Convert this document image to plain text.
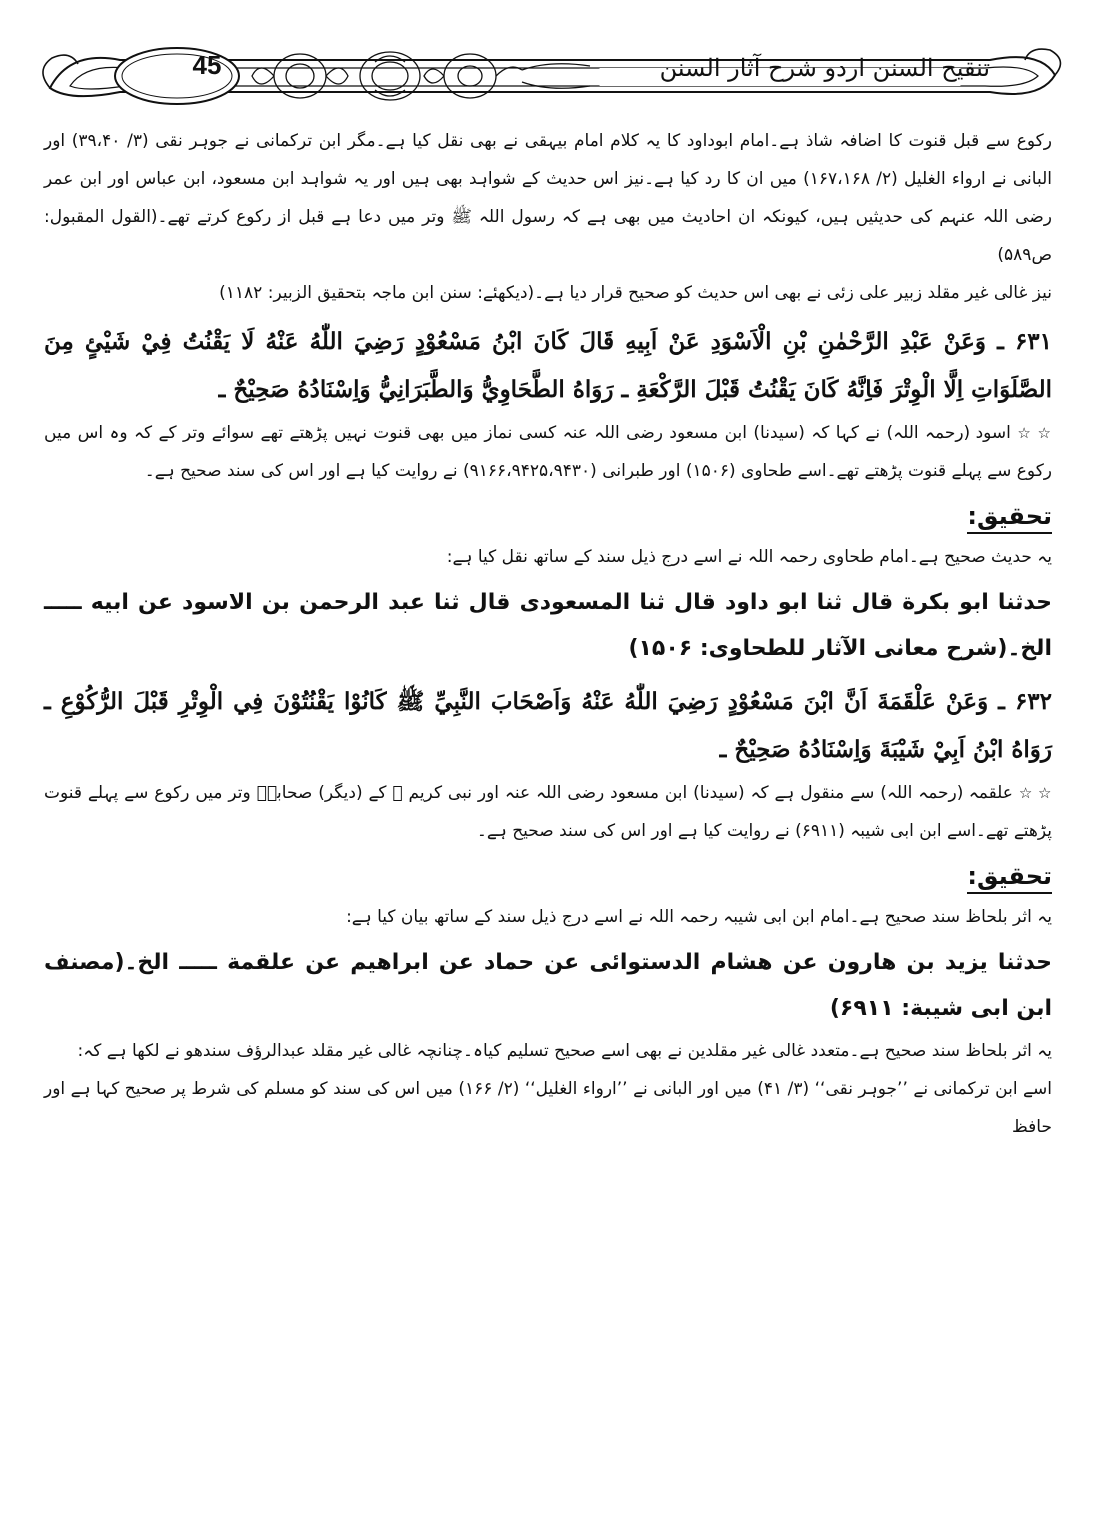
45	تنقیح السنن اردو شرح آثار السنن

رکوع سے قبل قنوت کا اضافہ شاذ ہے۔امام ابوداود کا یہ کلام امام بیہقی نے بھی نقل کیا ہے۔مگر ابن ترکمانی نے جوہر نقی (۳/ ۳۹،۴۰) اور البانی نے ارواء الغلیل (۲/ ۱۶۷،۱۶۸) میں ان کا رد کیا ہے۔نیز اس حدیث کے شواہد بھی ہیں اور یہ شواہد ابن مسعود، ابن عباس اور ابن عمر رضی اللہ عنہم کی حدیثیں ہیں، کیونکہ ان احادیث میں بھی ہے کہ رسول اللہ ﷺ وتر میں دعا ہے قبل از رکوع کرتے تھے۔(القول المقبول: ص۵۸۹)

نیز غالی غیر مقلد زبیر علی زئی نے بھی اس حدیث کو صحیح قرار دیا ہے۔(دیکھئے: سنن ابن ماجہ بتحقیق الزبیر: ۱۱۸۲)

۶۳۱ ـ وَعَنْ عَبْدِ الرَّحْمٰنِ بْنِ الْاَسْوَدِ عَنْ اَبِيهِ قَالَ كَانَ ابْنُ مَسْعُوْدٍ رَضِيَ اللّٰهُ عَنْهُ لَا يَقْنُتُ فِيْ شَيْئٍ مِنَ الصَّلَوَاتِ اِلَّا الْوِتْرَ فَاِنَّهُ كَانَ يَقْنُتُ قَبْلَ الرَّكْعَةِ ـ رَوَاهُ الطَّحَاوِيُّ وَالطَّبَرَانِيُّ وَاِسْنَادُهُ صَحِيْحٌ ـ

☆ ☆ اسود (رحمہ اللہ) نے کہا کہ (سیدنا) ابن مسعود رضی اللہ عنہ کسی نماز میں بھی قنوت نہیں پڑھتے تھے سوائے وتر کے کہ وہ اس میں رکوع سے پہلے قنوت پڑھتے تھے۔اسے طحاوی (۱۵۰۶) اور طبرانی (۹۱۶۶،۹۴۲۵،۹۴۳۰) نے روایت کیا ہے اور اس کی سند صحیح ہے۔

تحقیق:

یہ حدیث صحیح ہے۔امام طحاوی رحمہ اللہ نے اسے درج ذیل سند کے ساتھ نقل کیا ہے:

حدثنا ابو بكرة قال ثنا ابو داود قال ثنا المسعودی قال ثنا عبد الرحمن بن الاسود عن ابيه ـــــ الخ۔(شرح معانی الآثار للطحاوی: ۱۵۰۶)

۶۳۲ ـ وَعَنْ عَلْقَمَةَ اَنَّ ابْنَ مَسْعُوْدٍ رَضِيَ اللّٰهُ عَنْهُ وَاَصْحَابَ النَّبِيِّ ﷺ كَانُوْا يَقْنُتُوْنَ فِي الْوِتْرِ قَبْلَ الرُّكُوْعِ ـ رَوَاهُ ابْنُ اَبِيْ شَيْبَةَ وَاِسْنَادُهُ صَحِيْحٌ ـ

☆ ☆ علقمہ (رحمہ اللہ) سے منقول ہے کہ (سیدنا) ابن مسعود رضی اللہ عنہ اور نبی کریم ﷺ کے (دیگر) صحابہؓ وتر میں رکوع سے پہلے قنوت پڑھتے تھے۔اسے ابن ابی شیبہ (۶۹۱۱) نے روایت کیا ہے اور اس کی سند صحیح ہے۔

تحقیق:

یہ اثر بلحاظ سند صحیح ہے۔امام ابن ابی شیبہ رحمہ اللہ نے اسے درج ذیل سند کے ساتھ بیان کیا ہے:

حدثنا يزيد بن هارون عن هشام الدستوائی عن حماد عن ابراهيم عن علقمة ـــــ الخ۔(مصنف ابن ابی شيبة: ۶۹۱۱)

یہ اثر بلحاظ سند صحیح ہے۔متعدد غالی غیر مقلدین نے بھی اسے صحیح تسلیم کیاہ۔چنانچہ غالی غیر مقلد عبدالرؤف سندھو نے لکھا ہے کہ:

اسے ابن ترکمانی نے ’’جوہر نقی‘‘ (۳/ ۴۱) میں اور البانی نے ’’ارواء الغلیل‘‘ (۲/ ۱۶۶) میں اس کی سند کو مسلم کی شرط پر صحیح کہا ہے اور حافظ
